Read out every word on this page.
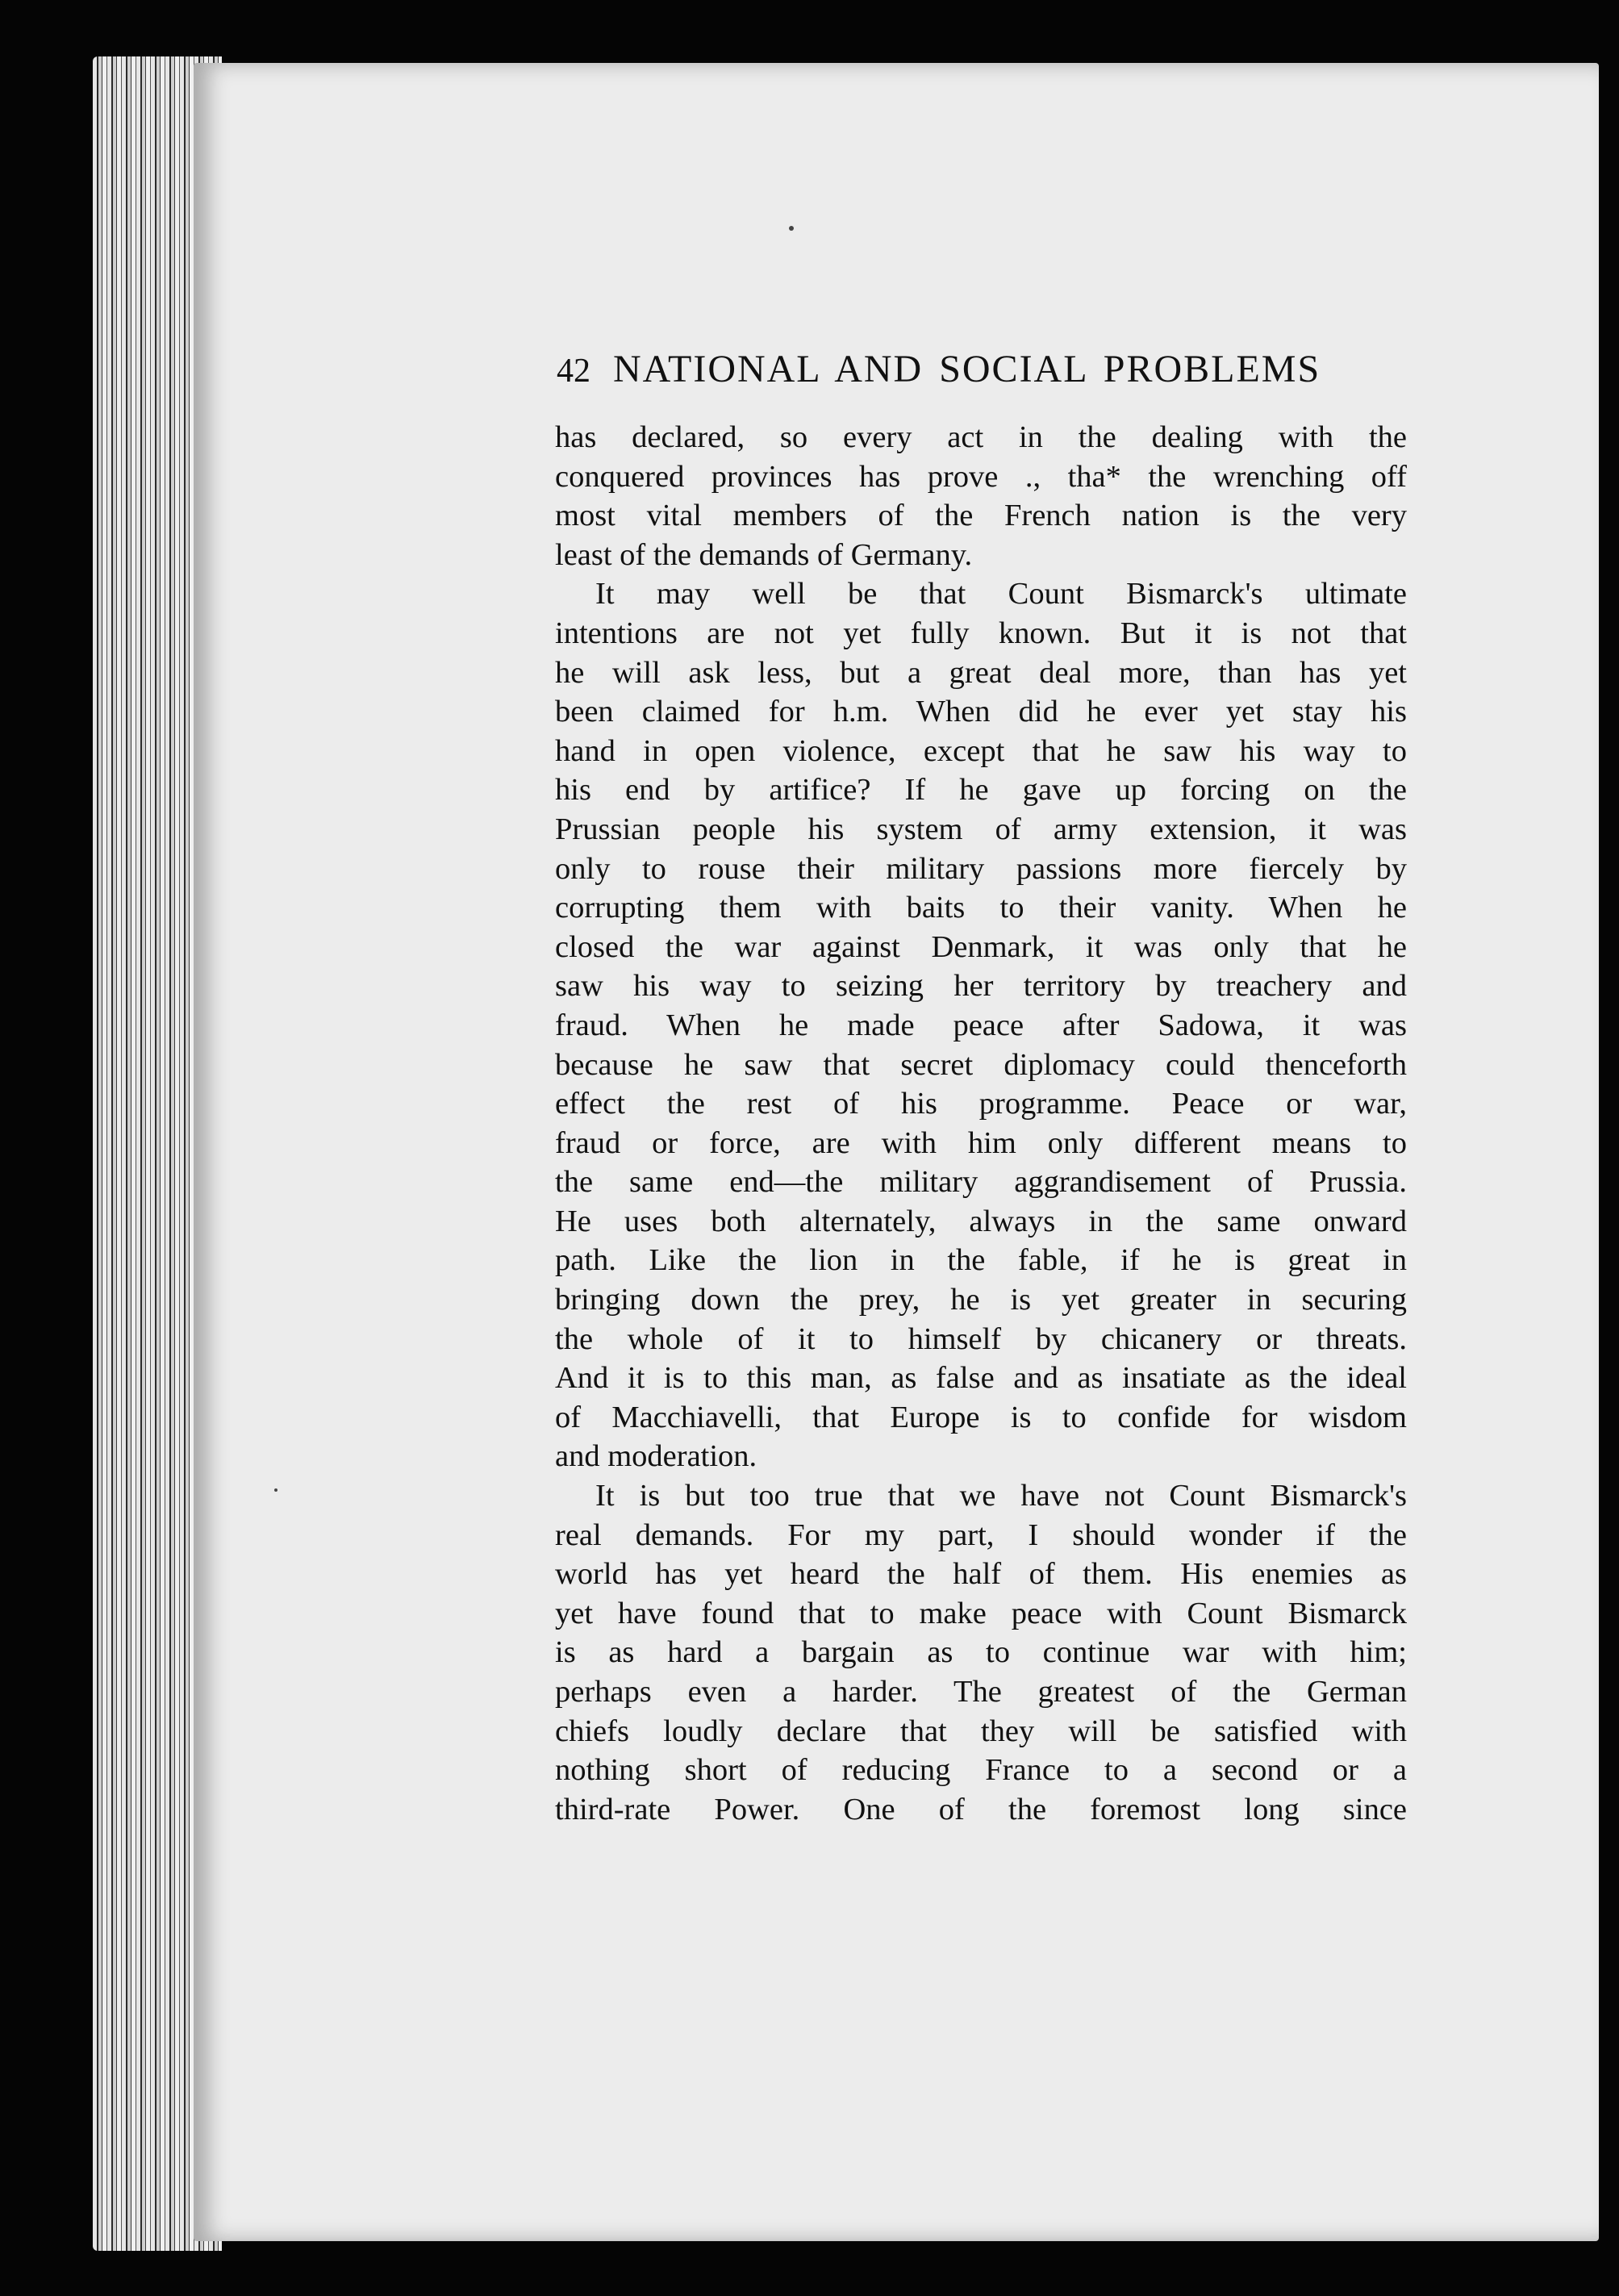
42 NATIONAL AND SOCIAL PROBLEMS
has declared, so every act in the dealing with the
conquered provinces has prove ., tha* the wrenching off
most vital members of the French nation is the very
least of the demands of Germany.
It may well be that Count Bismarck's ultimate
intentions are not yet fully known. But it is not that
he will ask less, but a great deal more, than has yet
been claimed for h.m. When did he ever yet stay his
hand in open violence, except that he saw his way to
his end by artifice? If he gave up forcing on the
Prussian people his system of army extension, it was
only to rouse their military passions more fiercely by
corrupting them with baits to their vanity. When he
closed the war against Denmark, it was only that he
saw his way to seizing her territory by treachery and
fraud. When he made peace after Sadowa, it was
because he saw that secret diplomacy could thenceforth
effect the rest of his programme. Peace or war,
fraud or force, are with him only different means to
the same end—the military aggrandisement of Prussia.
He uses both alternately, always in the same onward
path. Like the lion in the fable, if he is great in
bringing down the prey, he is yet greater in securing
the whole of it to himself by chicanery or threats.
And it is to this man, as false and as insatiate as the ideal
of Macchiavelli, that Europe is to confide for wisdom
and moderation.
It is but too true that we have not Count Bismarck's
real demands. For my part, I should wonder if the
world has yet heard the half of them. His enemies as
yet have found that to make peace with Count Bismarck
is as hard a bargain as to continue war with him;
perhaps even a harder. The greatest of the German
chiefs loudly declare that they will be satisfied with
nothing short of reducing France to a second or a
third-rate Power. One of the foremost long since
